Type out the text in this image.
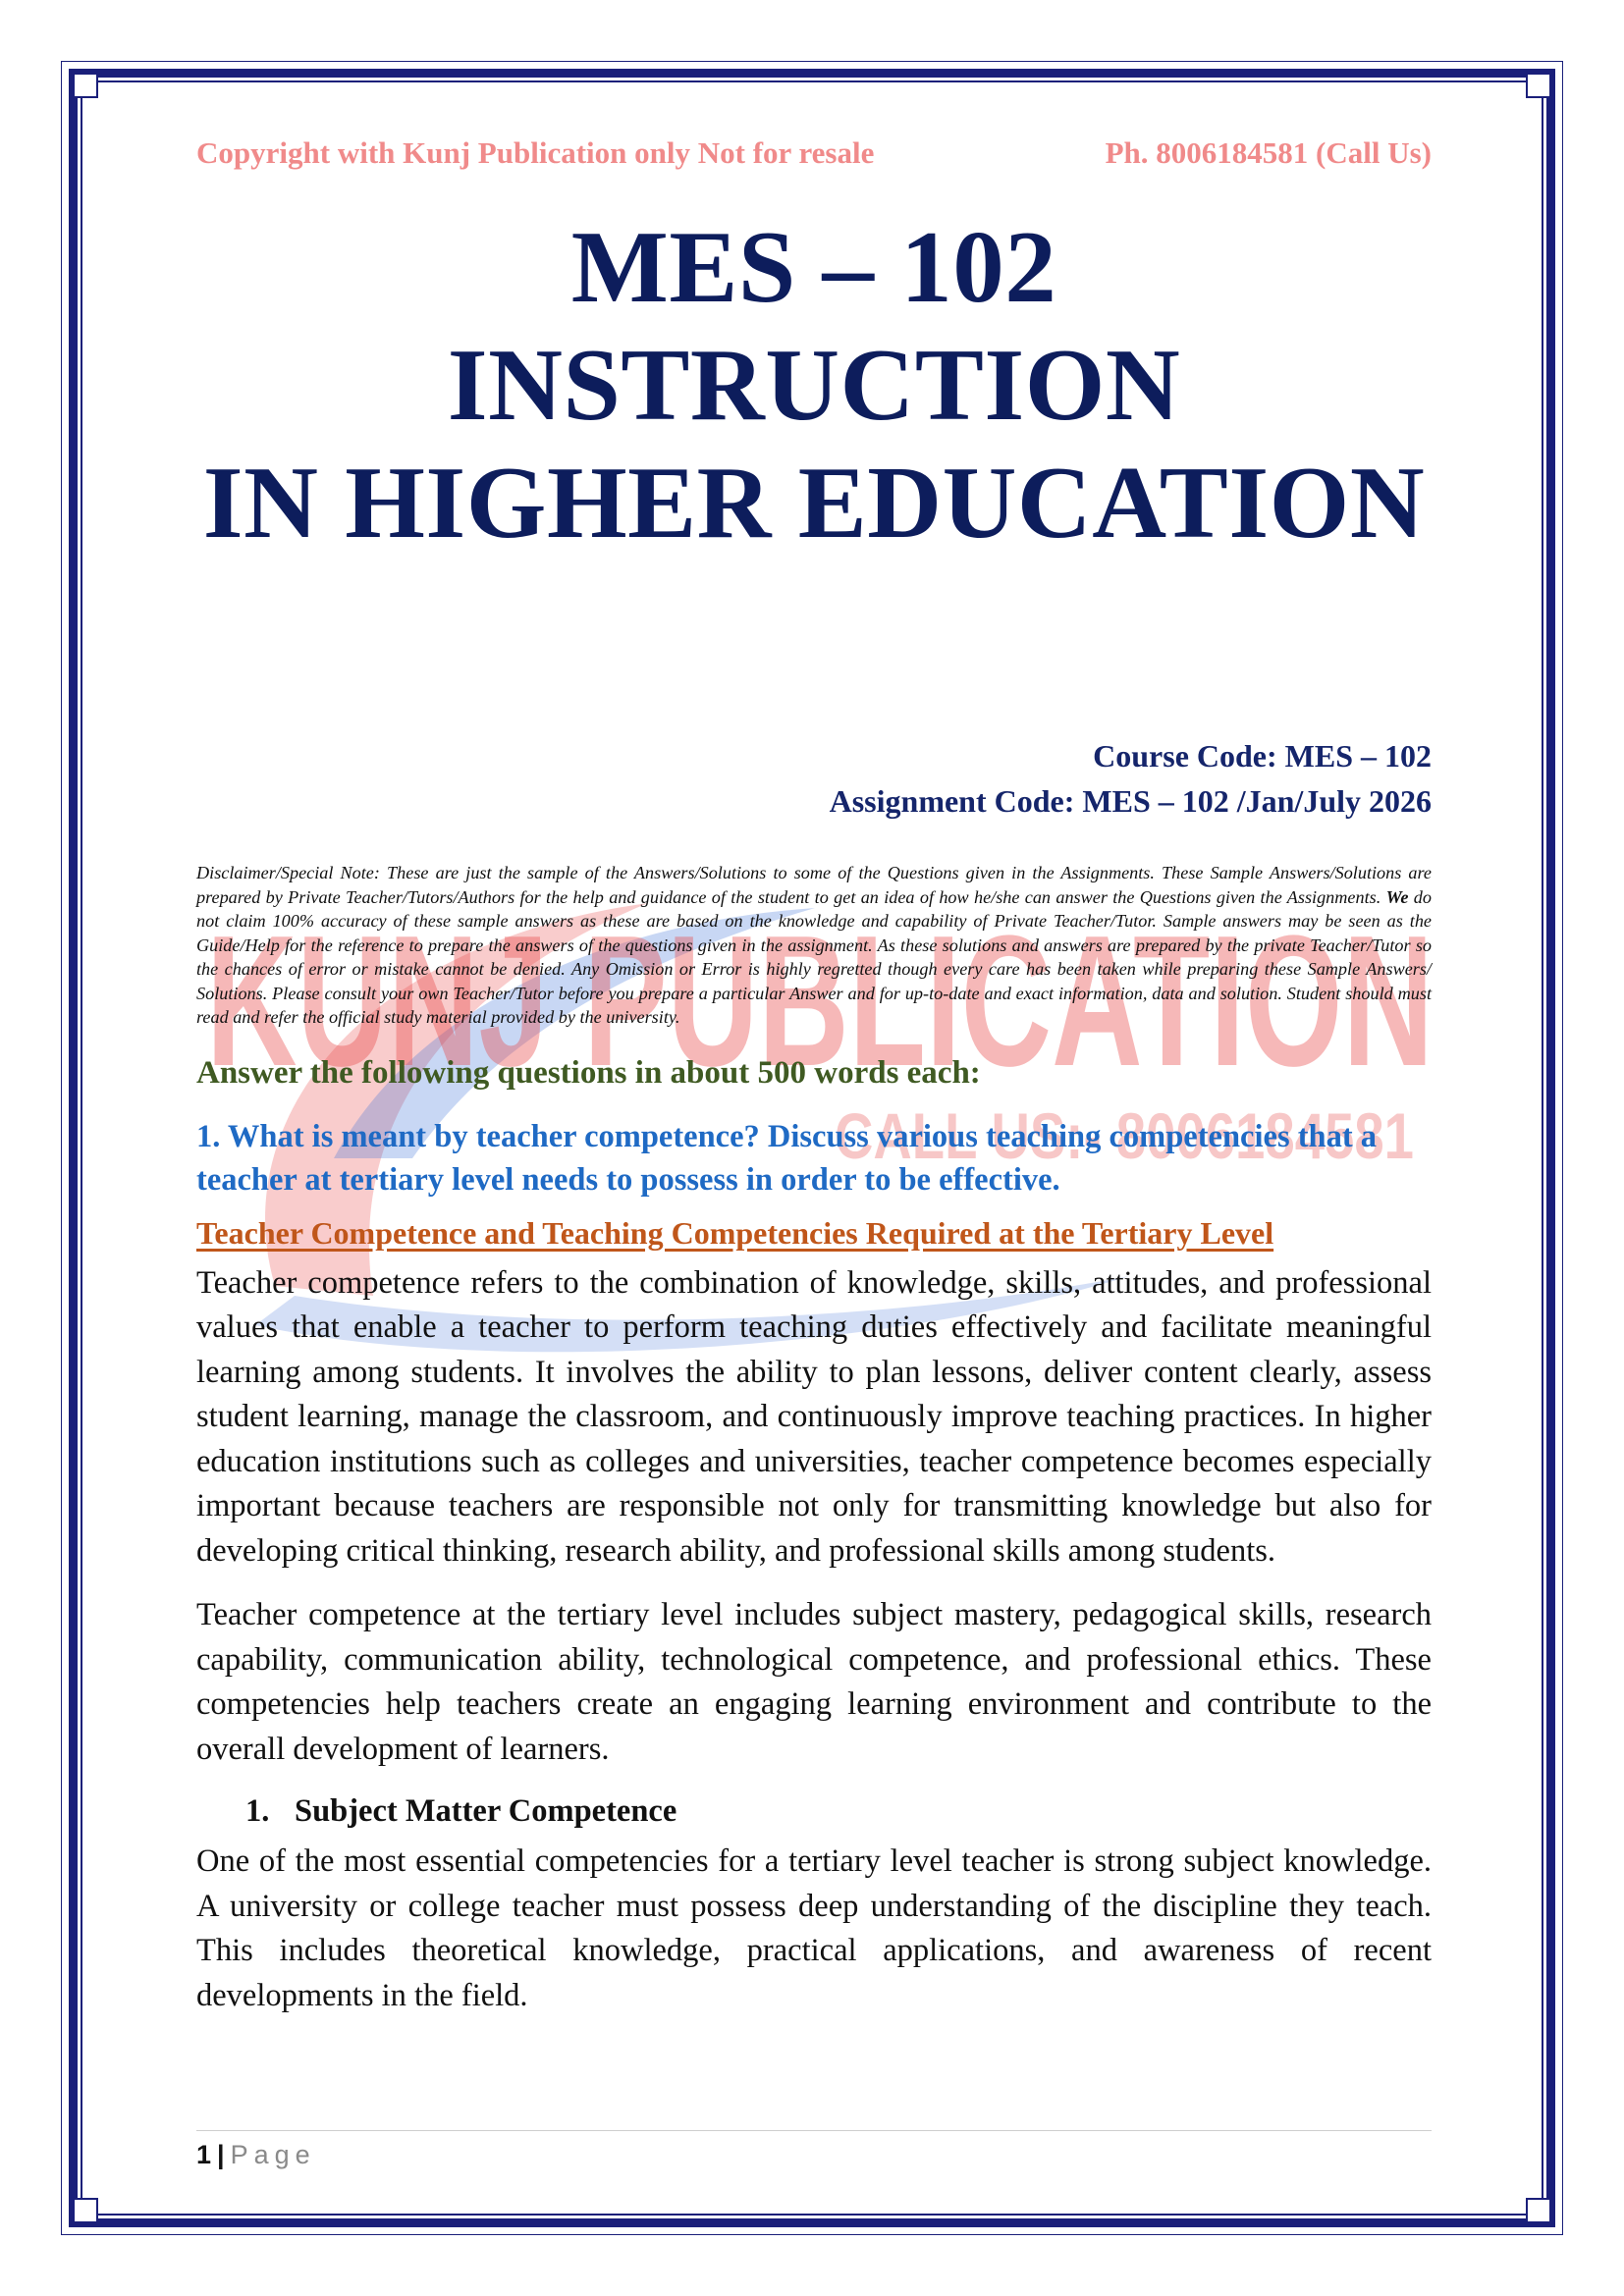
KUNJ PUBLICATION
CALL US:- 8006184581
Copyright with Kunj Publication only Not for resale	Ph. 8006184581 (Call Us)
MES – 102 INSTRUCTION
IN HIGHER EDUCATION
Course Code: MES – 102
Assignment Code: MES – 102 /Jan/July 2026
Disclaimer/Special Note: These are just the sample of the Answers/Solutions to some of the Questions given in the Assignments. These Sample Answers/Solutions are prepared by Private Teacher/Tutors/Authors for the help and guidance of the student to get an idea of how he/she can answer the Questions given the Assignments. We do not claim 100% accuracy of these sample answers as these are based on the knowledge and capability of Private Teacher/Tutor. Sample answers may be seen as the Guide/Help for the reference to prepare the answers of the questions given in the assignment. As these solutions and answers are prepared by the private Teacher/Tutor so the chances of error or mistake cannot be denied. Any Omission or Error is highly regretted though every care has been taken while preparing these Sample Answers/ Solutions. Please consult your own Teacher/Tutor before you prepare a particular Answer and for up-to-date and exact information, data and solution. Student should must read and refer the official study material provided by the university.
Answer the following questions in about 500 words each:
1. What is meant by teacher competence? Discuss various teaching competencies that a teacher at tertiary level needs to possess in order to be effective.
Teacher Competence and Teaching Competencies Required at the Tertiary Level
Teacher competence refers to the combination of knowledge, skills, attitudes, and professional values that enable a teacher to perform teaching duties effectively and facilitate meaningful learning among students. It involves the ability to plan lessons, deliver content clearly, assess student learning, manage the classroom, and continuously improve teaching practices. In higher education institutions such as colleges and universities, teacher competence becomes especially important because teachers are responsible not only for transmitting knowledge but also for developing critical thinking, research ability, and professional skills among students.
Teacher competence at the tertiary level includes subject mastery, pedagogical skills, research capability, communication ability, technological competence, and professional ethics. These competencies help teachers create an engaging learning environment and contribute to the overall development of learners.
1. Subject Matter Competence
One of the most essential competencies for a tertiary level teacher is strong subject knowledge. A university or college teacher must possess deep understanding of the discipline they teach. This includes theoretical knowledge, practical applications, and awareness of recent developments in the field.
1 | Page
